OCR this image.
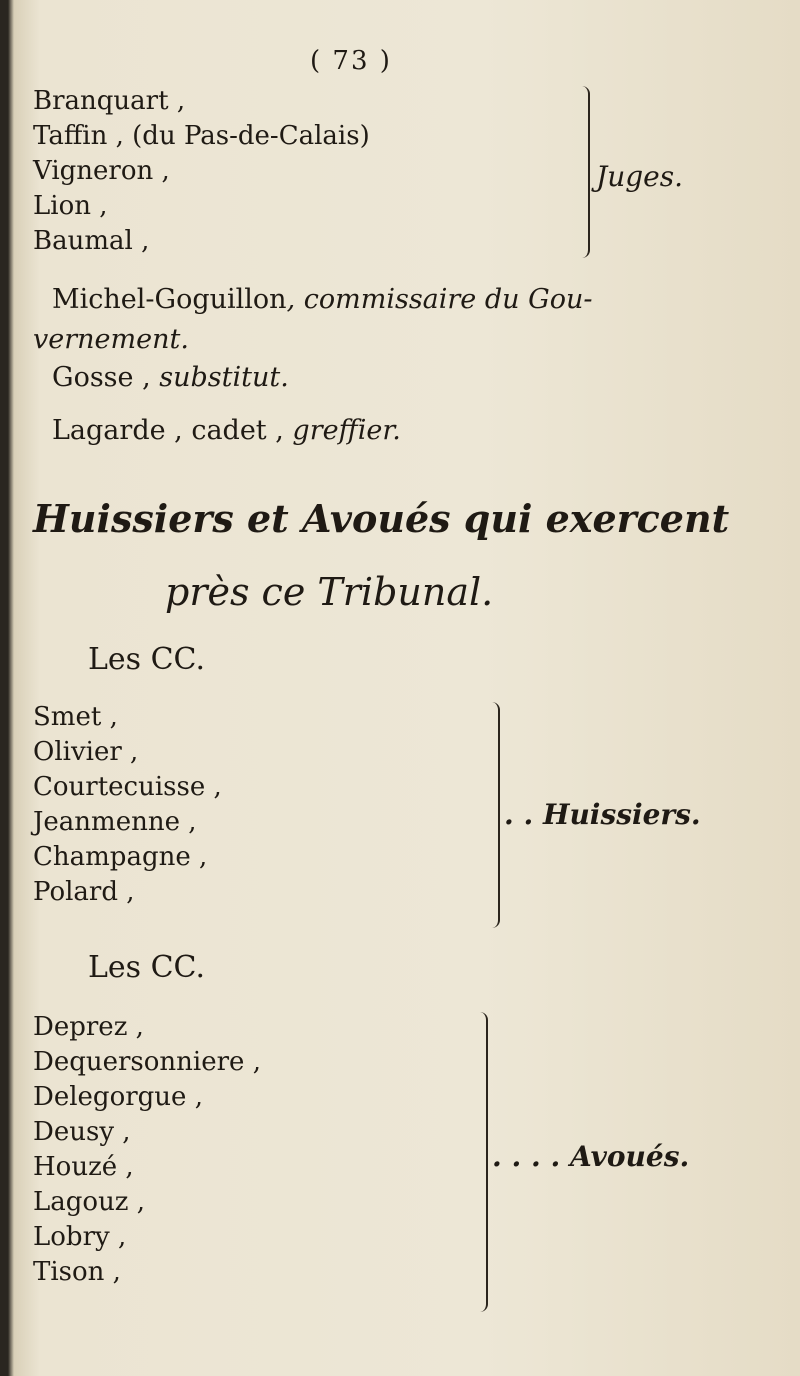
( 73 )
Branquart ,
Taffin , (du Pas-de-Calais)
Vigneron ,
Lion ,
Baumal ,
Juges.
Michel-Goguillon, commissaire du Gou-
vernement.
Gosse , substitut.
Lagarde , cadet , greffier.
Huissiers et Avoués qui exercent
près ce Tribunal.
Les CC.
Smet ,
Olivier ,
Courtecuisse ,
Jeanmenne ,
Champagne ,
Polard ,
. . Huissiers.
Les CC.
Deprez ,
Dequersonniere ,
Delegorgue ,
Deusy ,
Houzé ,
Lagouz ,
Lobry ,
Tison ,
. . . . Avoués.
